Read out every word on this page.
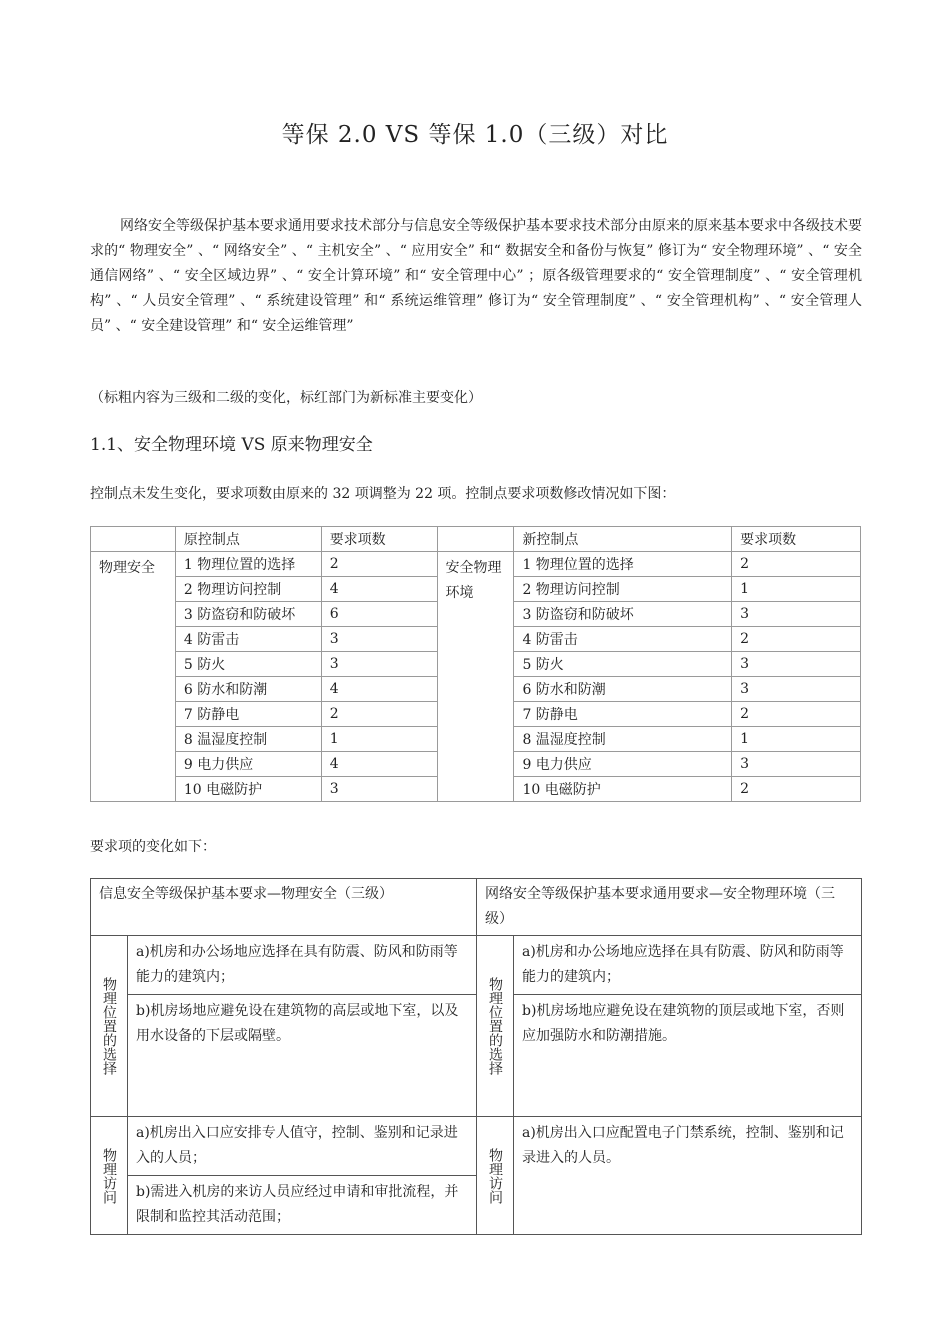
等保 2.0 VS 等保 1.0（三级）对比

网络安全等级保护基本要求通用要求技术部分与信息安全等级保护基本要求技术部分由原来的原来基本要求中各级技术要求的“ 物理安全” 、“ 网络安全” 、“ 主机安全” 、“ 应用安全” 和“ 数据安全和备份与恢复” 修订为“ 安全物理环境” 、“ 安全通信网络” 、“ 安全区域边界” 、“ 安全计算环境” 和“ 安全管理中心” ；原各级管理要求的“ 安全管理制度” 、“ 安全管理机构” 、“ 人员安全管理” 、“ 系统建设管理” 和“ 系统运维管理” 修订为“ 安全管理制度” 、“ 安全管理机构” 、“ 安全管理人员” 、“ 安全建设管理” 和“ 安全运维管理”

（标粗内容为三级和二级的变化，标红部门为新标准主要变化）

1.1、安全物理环境 VS 原来物理安全

控制点未发生变化，要求项数由原来的 32 项调整为 22 项。控制点要求项数修改情况如下图：

	原控制点	要求项数		新控制点	要求项数
物理安全	1 物理位置的选择	2	安全物理环境	1 物理位置的选择	2
	2 物理访问控制	4		2 物理访问控制	1
	3 防盗窃和防破坏	6		3 防盗窃和防破坏	3
	4 防雷击	3		4 防雷击	2
	5 防火	3		5 防火	3
	6 防水和防潮	4		6 防水和防潮	3
	7 防静电	2		7 防静电	2
	8 温湿度控制	1		8 温湿度控制	1
	9 电力供应	4		9 电力供应	3
	10 电磁防护	3		10 电磁防护	2

要求项的变化如下：

信息安全等级保护基本要求—物理安全（三级）		网络安全等级保护基本要求通用要求—安全物理环境（三级）	
物理位置的选择	a)机房和办公场地应选择在具有防震、防风和防雨等能力的建筑内；	物理位置的选择	a)机房和办公场地应选择在具有防震、防风和防雨等能力的建筑内；
	b)机房场地应避免设在建筑物的高层或地下室，以及用水设备的下层或隔壁。		b)机房场地应避免设在建筑物的顶层或地下室，否则应加强防水和防潮措施。
物理访问	a)机房出入口应安排专人值守，控制、鉴别和记录进入的人员；	物理访问	a)机房出入口应配置电子门禁系统，控制、鉴别和记录进入的人员。
	b)需进入机房的来访人员应经过申请和审批流程，并限制和监控其活动范围；		
